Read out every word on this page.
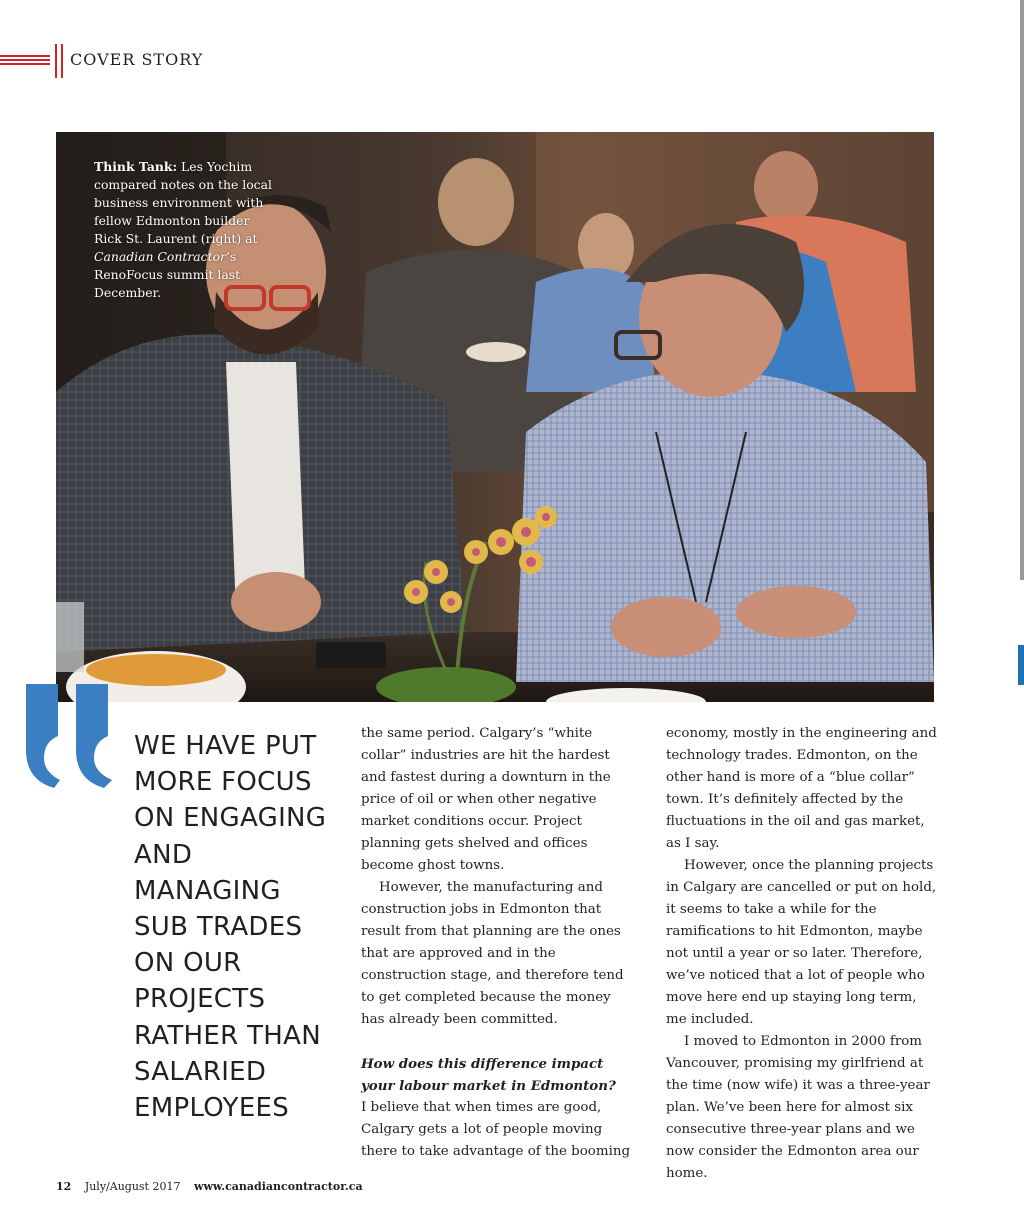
COVER STORY
Think Tank: Les Yochim compared notes on the local business environment with fellow Edmonton builder Rick St. Laurent (right) at Canadian Contractor’s RenoFocus summit last December.

WE HAVE PUT MORE FOCUS ON ENGAGING AND MANAGING SUB TRADES ON OUR PROJECTS RATHER THAN SALARIED EMPLOYEES

the same period. Calgary’s “white collar” industries are hit the hardest and fastest during a downturn in the price of oil or when other negative market conditions occur. Project planning gets shelved and offices become ghost towns.

However, the manufacturing and construction jobs in Edmonton that result from that planning are the ones that are approved and in the construction stage, and therefore tend to get completed because the money has already been committed.

How does this difference impact your labour market in Edmonton?

I believe that when times are good, Calgary gets a lot of people moving there to take advantage of the booming

economy, mostly in the engineering and technology trades. Edmonton, on the other hand is more of a “blue collar” town. It’s definitely affected by the fluctuations in the oil and gas market, as I say.

However, once the planning projects in Calgary are cancelled or put on hold, it seems to take a while for the ramifications to hit Edmonton, maybe not until a year or so later. Therefore, we’ve noticed that a lot of people who move here end up staying long term, me included.

I moved to Edmonton in 2000 from Vancouver, promising my girlfriend at the time (now wife) it was a three-year plan. We’ve been here for almost six consecutive three-year plans and we now consider the Edmonton area our home.

12 July/August 2017 www.canadiancontractor.ca
